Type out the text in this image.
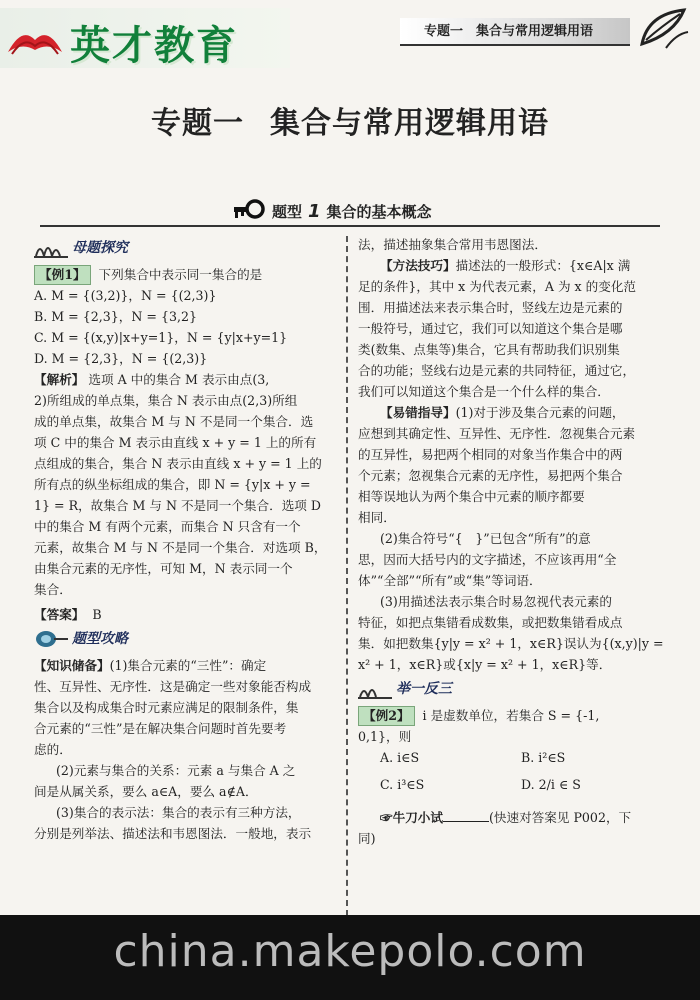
英才教育	专题一　集合与常用逻辑用语
专题一 集合与常用逻辑用语
题型 1 集合的基本概念
母题探究
【例1】 下列集合中表示同一集合的是
A. M = {(3,2)}，N = {(2,3)}
B. M = {2,3}，N = {3,2}
C. M = {(x,y)|x+y=1}，N = {y|x+y=1}
D. M = {2,3}，N = {(2,3)}
【解析】 选项 A 中的集合 M 表示由点(3,
2)所组成的单点集，集合 N 表示由点(2,3)所组
成的单点集，故集合 M 与 N 不是同一个集合．选
项 C 中的集合 M 表示由直线 x + y = 1 上的所有
点组成的集合，集合 N 表示由直线 x + y = 1 上的
所有点的纵坐标组成的集合，即 N = {y|x + y =
1} = R，故集合 M 与 N 不是同一个集合．选项 D
中的集合 M 有两个元素，而集合 N 只含有一个
元素，故集合 M 与 N 不是同一个集合．对选项 B，
由集合元素的无序性，可知 M，N 表示同一个
集合．
【答案】 B
题型攻略
【知识储备】(1)集合元素的“三性”：确定
性、互异性、无序性．这是确定一些对象能否构成
集合以及构成集合时元素应满足的限制条件，集
合元素的“三性”是在解决集合问题时首先要考
虑的．
(2)元素与集合的关系：元素 a 与集合 A 之
间是从属关系，要么 a∈A，要么 a∉A．
(3)集合的表示法：集合的表示有三种方法，
分别是列举法、描述法和韦恩图法．一般地，表示
法，描述抽象集合常用韦恩图法．
【方法技巧】描述法的一般形式：{x∈A|x 满
足的条件}，其中 x 为代表元素，A 为 x 的变化范
围．用描述法来表示集合时，竖线左边是元素的
一般符号，通过它，我们可以知道这个集合是哪
类(数集、点集等)集合，它具有帮助我们识别集
合的功能；竖线右边是元素的共同特征，通过它，
我们可以知道这个集合是一个什么样的集合．
【易错指导】(1)对于涉及集合元素的问题，
应想到其确定性、互异性、无序性．忽视集合元素
的互异性，易把两个相同的对象当作集合中的两
个元素；忽视集合元素的无序性，易把两个集合
相等误地认为两个集合中元素的顺序都要
相同．
(2)集合符号“{　}”已包含“所有”的意
思，因而大括号内的文字描述，不应该再用“全
体”“全部”“所有”或“集”等词语．
(3)用描述法表示集合时易忽视代表元素的
特征，如把点集错看成数集，或把数集错看成点
集．如把数集{y|y = x² + 1，x∈R}误认为{(x,y)|y =
x² + 1，x∈R}或{x|y = x² + 1，x∈R}等．
举一反三
【例2】 i 是虚数单位，若集合 S = {-1,
0,1}，则
A. i∈S	B. i²∈S
C. i³∈S	D. 2/i ∈ S
☞牛刀小试	(快速对答案见 P002，下
同)
china.makepolo.com
